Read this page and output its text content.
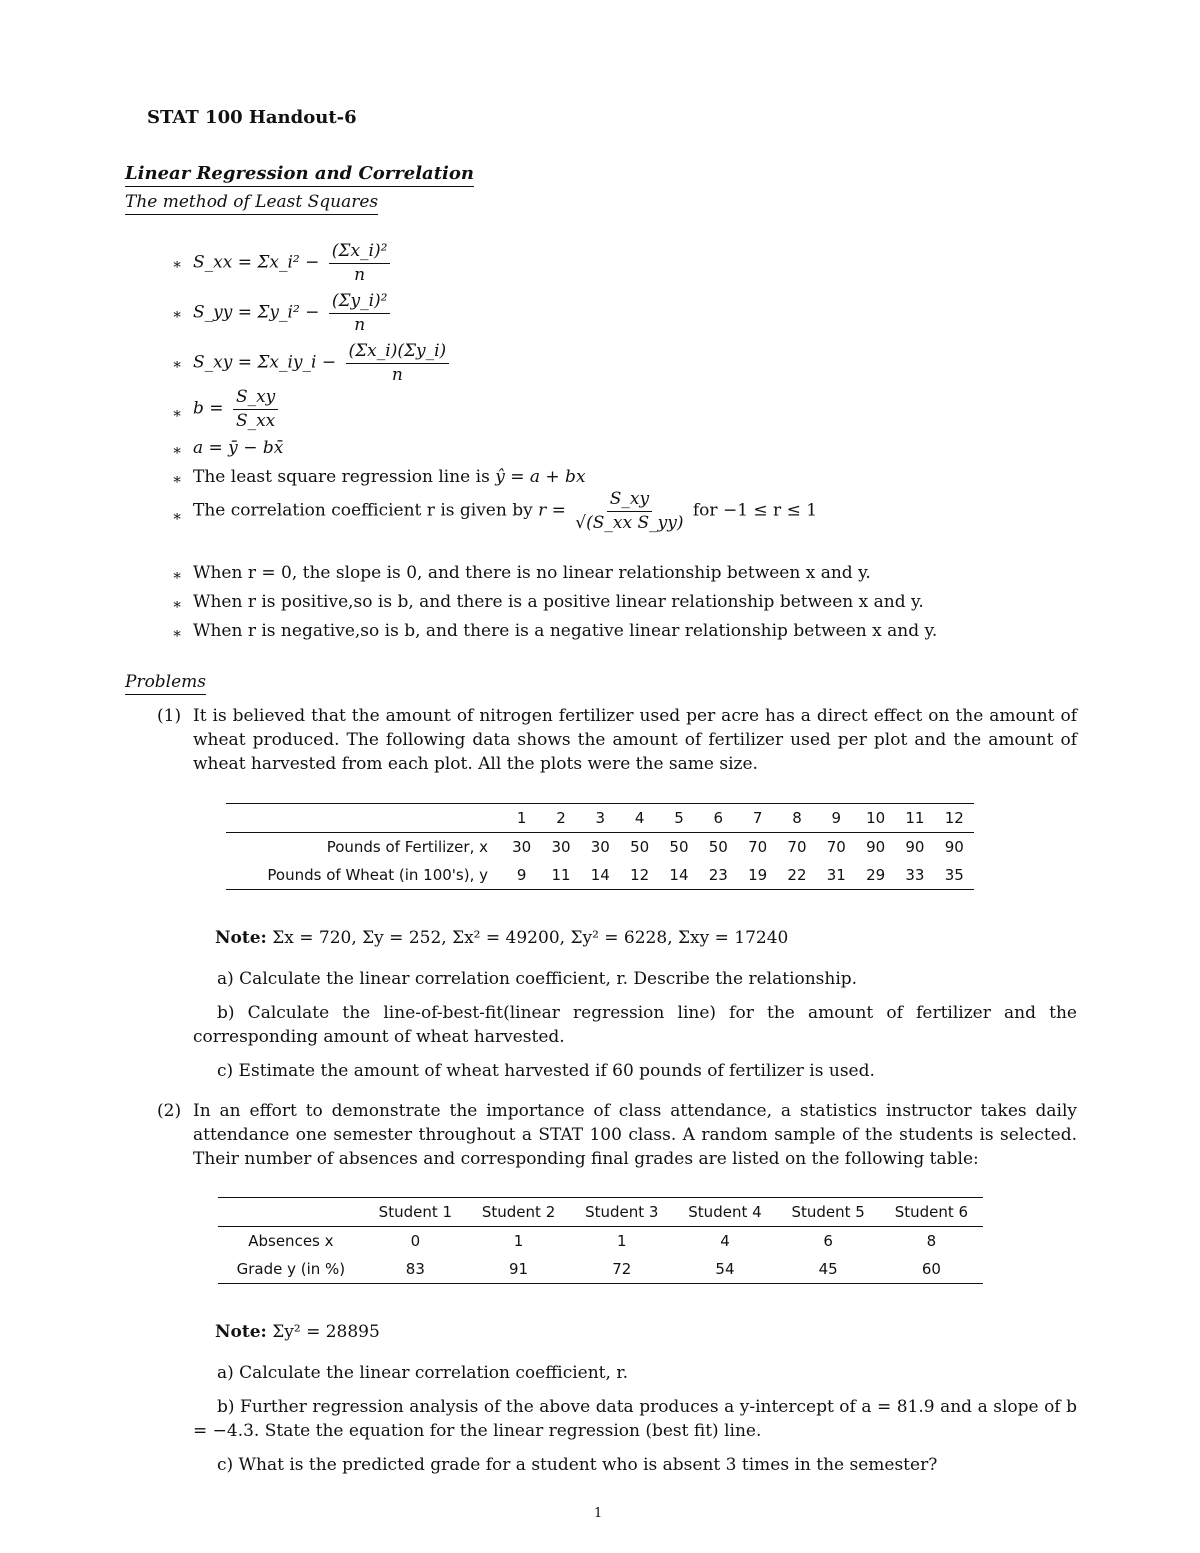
STAT 100 Handout-6
Linear Regression and Correlation
The method of Least Squares
∗ S_xx = Σx_i² − $\frac{\text{(Σx\_i)²}}{n}$
∗ S_yy = Σy_i² − $\frac{\text{(Σy\_i)²}}{n}$
∗ S_xy = Σx_iy_i − $\frac{(\Sigma x\_i)(\Sigma y\_i)}{n}$
∗ $b = \frac{S\_xy}{S\_xx}$
∗ a = ȳ − bx̄
∗ The least square regression line is ŷ = a + bx
∗ The correlation coefficient r is given by $r = \frac{S\_xy}{\text{√(S\_xx S\_yy)}}$ for −1 ≤ r ≤ 1
∗ When r = 0, the slope is 0, and there is no linear relationship between x and y.
∗ When r is positive,so is b, and there is a positive linear relationship between x and y.
∗ When r is negative,so is b, and there is a negative linear relationship between x and y.
Problems
(1) It is believed that the amount of nitrogen fertilizer used per acre has a direct effect on the amount of wheat produced. The following data shows the amount of fertilizer used per plot and the amount of wheat harvested from each plot. All the plots were the same size.
	1	2	3	4	5	6	7	8	9	10	11	12
Pounds of Fertilizer, x	30	30	30	50	50	50	70	70	70	90	90	90
Pounds of Wheat (in 100's), y	9	11	14	12	14	23	19	22	31	29	33	35
Note: Σx = 720, Σy = 252, Σx² = 49200, Σy² = 6228, Σxy = 17240
a) Calculate the linear correlation coefficient, r. Describe the relationship.
b) Calculate the line-of-best-fit(linear regression line) for the amount of fertilizer and the corresponding amount of wheat harvested.
c) Estimate the amount of wheat harvested if 60 pounds of fertilizer is used.
(2) In an effort to demonstrate the importance of class attendance, a statistics instructor takes daily attendance one semester throughout a STAT 100 class. A random sample of the students is selected. Their number of absences and corresponding final grades are listed on the following table:
	Student 1	Student 2	Student 3	Student 4	Student 5	Student 6
Absences x	0	1	1	4	6	8
Grade y (in %)	83	91	72	54	45	60
Note: Σy² = 28895
a) Calculate the linear correlation coefficient, r.
b) Further regression analysis of the above data produces a y-intercept of a = 81.9 and a slope of b = −4.3. State the equation for the linear regression (best fit) line.
c) What is the predicted grade for a student who is absent 3 times in the semester?
1
